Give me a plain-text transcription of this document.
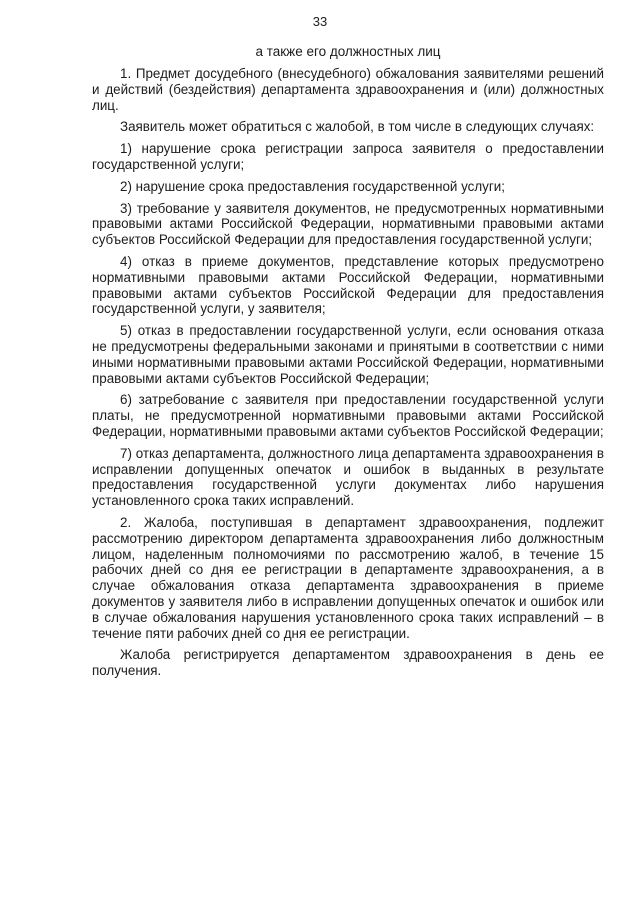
33
а также его должностных лиц

1. Предмет досудебного (внесудебного) обжалования заявителями решений и действий (бездействия) департамента здравоохранения и (или) должностных лиц.

Заявитель может обратиться с жалобой, в том числе в следующих случаях:

1) нарушение срока регистрации запроса заявителя о предоставлении государственной услуги;

2) нарушение срока предоставления государственной услуги;

3) требование у заявителя документов, не предусмотренных нормативными правовыми актами Российской Федерации, нормативными правовыми актами субъектов Российской Федерации для предоставления государственной услуги;

4) отказ в приеме документов, представление которых предусмотрено нормативными правовыми актами Российской Федерации, нормативными правовыми актами субъектов Российской Федерации для предоставления государственной услуги, у заявителя;

5) отказ в предоставлении государственной услуги, если основания отказа не предусмотрены федеральными законами и принятыми в соответствии с ними иными нормативными правовыми актами Российской Федерации, нормативными правовыми актами субъектов Российской Федерации;

6) затребование с заявителя при предоставлении государственной услуги платы, не предусмотренной нормативными правовыми актами Российской Федерации, нормативными правовыми актами субъектов Российской Федерации;

7) отказ департамента, должностного лица департамента здравоохранения в исправлении допущенных опечаток и ошибок в выданных в результате предоставления государственной услуги документах либо нарушения установленного срока таких исправлений.

2. Жалоба, поступившая в департамент здравоохранения, подлежит рассмотрению директором департамента здравоохранения либо должностным лицом, наделенным полномочиями по рассмотрению жалоб, в течение 15 рабочих дней со дня ее регистрации в департаменте здравоохранения, а в случае обжалования отказа департамента здравоохранения в приеме документов у заявителя либо в исправлении допущенных опечаток и ошибок или в случае обжалования нарушения установленного срока таких исправлений – в течение пяти рабочих дней со дня ее регистрации.

Жалоба регистрируется департаментом здравоохранения в день ее получения.
